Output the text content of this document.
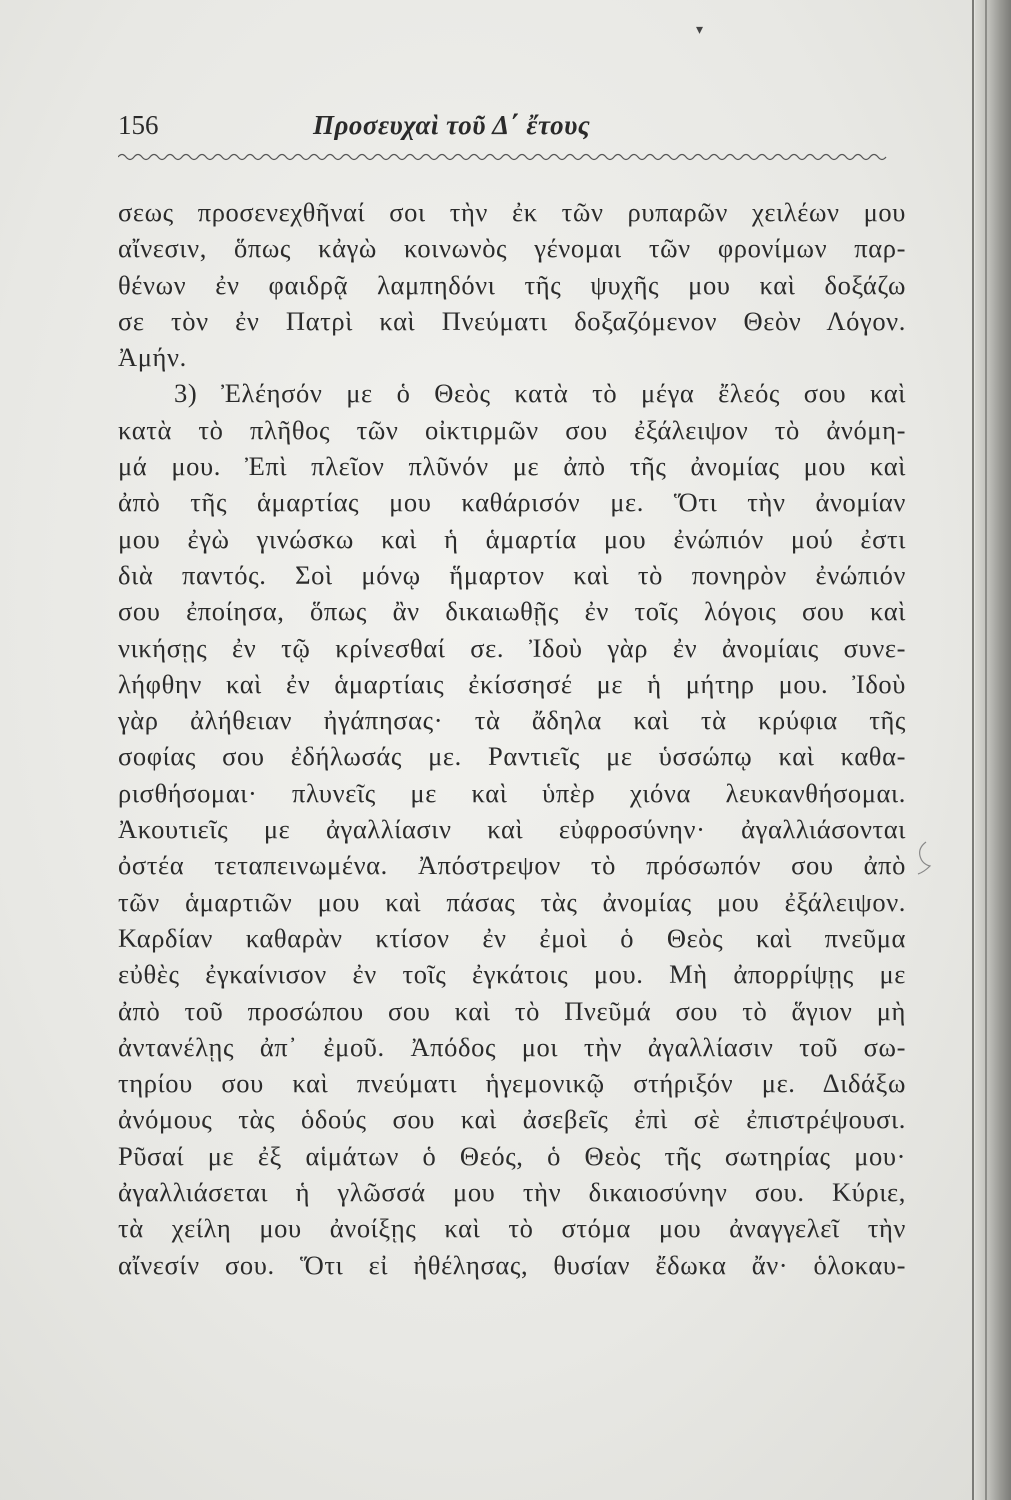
156	Προσευχαὶ τοῦ Δ΄ ἔτους
σεως προσενεχθῆναί σοι τὴν ἐκ τῶν ρυπαρῶν χειλέων μου
αἴνεσιν, ὅπως κἀγὼ κοινωνὸς γένομαι τῶν φρονίμων παρ-
θένων ἐν φαιδρᾷ λαμπηδόνι τῆς ψυχῆς μου καὶ δοξάζω
σε τὸν ἐν Πατρὶ καὶ Πνεύματι δοξαζόμενον Θεὸν Λόγον.
Ἀμήν.
3) Ἐλέησόν με ὁ Θεὸς κατὰ τὸ μέγα ἔλεός σου καὶ
κατὰ τὸ πλῆθος τῶν οἰκτιρμῶν σου ἐξάλειψον τὸ ἀνόμη-
μά μου. Ἐπὶ πλεῖον πλῦνόν με ἀπὸ τῆς ἀνομίας μου καὶ
ἀπὸ τῆς ἁμαρτίας μου καθάρισόν με. Ὅτι τὴν ἀνομίαν
μου ἐγὼ γινώσκω καὶ ἡ ἁμαρτία μου ἐνώπιόν μού ἐστι
διὰ παντός. Σοὶ μόνῳ ἥμαρτον καὶ τὸ πονηρὸν ἐνώπιόν
σου ἐποίησα, ὅπως ἂν δικαιωθῇς ἐν τοῖς λόγοις σου καὶ
νικήσῃς ἐν τῷ κρίνεσθαί σε. Ἰδοὺ γὰρ ἐν ἀνομίαις συνε-
λήφθην καὶ ἐν ἁμαρτίαις ἐκίσσησέ με ἡ μήτηρ μου. Ἰδοὺ
γὰρ ἀλήθειαν ἠγάπησας· τὰ ἄδηλα καὶ τὰ κρύφια τῆς
σοφίας σου ἐδήλωσάς με. Ραντιεῖς με ὑσσώπῳ καὶ καθα-
ρισθήσομαι· πλυνεῖς με καὶ ὑπὲρ χιόνα λευκανθήσομαι.
Ἀκουτιεῖς με ἀγαλλίασιν καὶ εὐφροσύνην· ἀγαλλιάσονται
ὀστέα τεταπεινωμένα. Ἀπόστρεψον τὸ πρόσωπόν σου ἀπὸ
τῶν ἁμαρτιῶν μου καὶ πάσας τὰς ἀνομίας μου ἐξάλειψον.
Καρδίαν καθαρὰν κτίσον ἐν ἐμοὶ ὁ Θεὸς καὶ πνεῦμα
εὐθὲς ἐγκαίνισον ἐν τοῖς ἐγκάτοις μου. Μὴ ἀπορρίψῃς με
ἀπὸ τοῦ προσώπου σου καὶ τὸ Πνεῦμά σου τὸ ἅγιον μὴ
ἀντανέλῃς ἀπ᾽ ἐμοῦ. Ἀπόδος μοι τὴν ἀγαλλίασιν τοῦ σω-
τηρίου σου καὶ πνεύματι ἡγεμονικῷ στήριξόν με. Διδάξω
ἀνόμους τὰς ὁδούς σου καὶ ἀσεβεῖς ἐπὶ σὲ ἐπιστρέψουσι.
Ρῦσαί με ἐξ αἱμάτων ὁ Θεός, ὁ Θεὸς τῆς σωτηρίας μου·
ἀγαλλιάσεται ἡ γλῶσσά μου τὴν δικαιοσύνην σου. Κύριε,
τὰ χείλη μου ἀνοίξῃς καὶ τὸ στόμα μου ἀναγγελεῖ τὴν
αἴνεσίν σου. Ὅτι εἰ ἠθέλησας, θυσίαν ἔδωκα ἄν· ὁλοκαυ-
▾
